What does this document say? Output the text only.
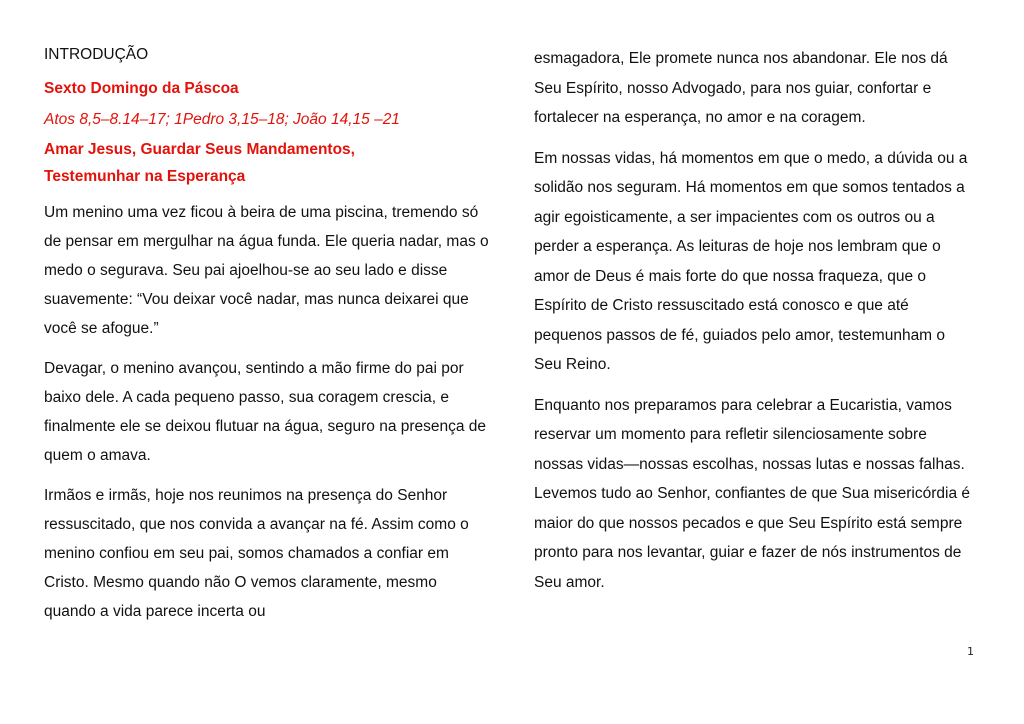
INTRODUÇÃO
Sexto Domingo da Páscoa
Atos 8,5–8.14–17; 1Pedro 3,15–18; João 14,15 –21
Amar Jesus, Guardar Seus Mandamentos,
Testemunhar na Esperança

Um menino uma vez ficou à beira de uma piscina, tremendo só de pensar em mergulhar na água funda. Ele queria nadar, mas o medo o segurava. Seu pai ajoelhou-se ao seu lado e disse suavemente: “Vou deixar você nadar, mas nunca deixarei que você se afogue.”

Devagar, o menino avançou, sentindo a mão firme do pai por baixo dele. A cada pequeno passo, sua coragem crescia, e finalmente ele se deixou flutuar na água, seguro na presença de quem o amava.

Irmãos e irmãs, hoje nos reunimos na presença do Senhor ressuscitado, que nos convida a avançar na fé. Assim como o menino confiou em seu pai, somos chamados a confiar em Cristo. Mesmo quando não O vemos claramente, mesmo quando a vida parece incerta ou

esmagadora, Ele promete nunca nos abandonar. Ele nos dá Seu Espírito, nosso Advogado, para nos guiar, confortar e fortalecer na esperança, no amor e na coragem.

Em nossas vidas, há momentos em que o medo, a dúvida ou a solidão nos seguram. Há momentos em que somos tentados a agir egoisticamente, a ser impacientes com os outros ou a perder a esperança. As leituras de hoje nos lembram que o amor de Deus é mais forte do que nossa fraqueza, que o Espírito de Cristo ressuscitado está conosco e que até pequenos passos de fé, guiados pelo amor, testemunham o Seu Reino.

Enquanto nos preparamos para celebrar a Eucaristia, vamos reservar um momento para refletir silenciosamente sobre nossas vidas—nossas escolhas, nossas lutas e nossas falhas. Levemos tudo ao Senhor, confiantes de que Sua misericórdia é maior do que nossos pecados e que Seu Espírito está sempre pronto para nos levantar, guiar e fazer de nós instrumentos de Seu amor.

1
